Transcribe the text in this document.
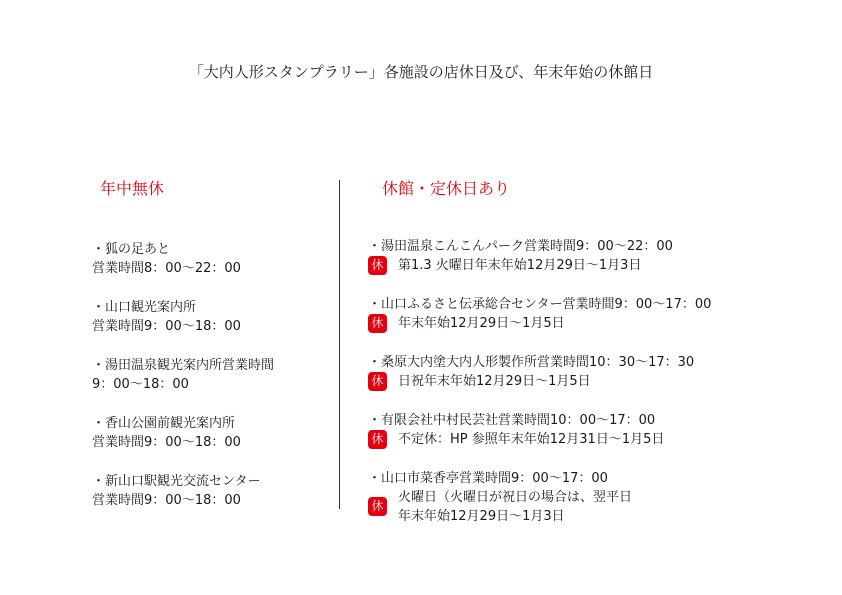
「大内人形スタンプラリー」各施設の店休日及び、年末年始の休館日
年中無休	休館・定休日あり
・狐の足あと
営業時間8：00～22：00
・山口観光案内所
営業時間9：00～18：00
・湯田温泉観光案内所営業時間
9：00～18：00
・香山公園前観光案内所
営業時間9：00～18：00
・新山口駅観光交流センター
営業時間9：00～18：00
・湯田温泉こんこんパーク営業時間9：00～22：00
休 第1.3 火曜日年末年始12月29日～1月3日
・山口ふるさと伝承総合センター営業時間9：00～17：00
休 年末年始12月29日～1月5日
・桑原大内塗大内人形製作所営業時間10：30～17：30
休 日祝年末年始12月29日～1月5日
・有限会社中村民芸社営業時間10：00～17：00
休 不定休：HP 参照年末年始12月31日～1月5日
・山口市菜香亭営業時間9：00～17：00
休
火曜日（火曜日が祝日の場合は、翌平日
年末年始12月29日～1月3日
